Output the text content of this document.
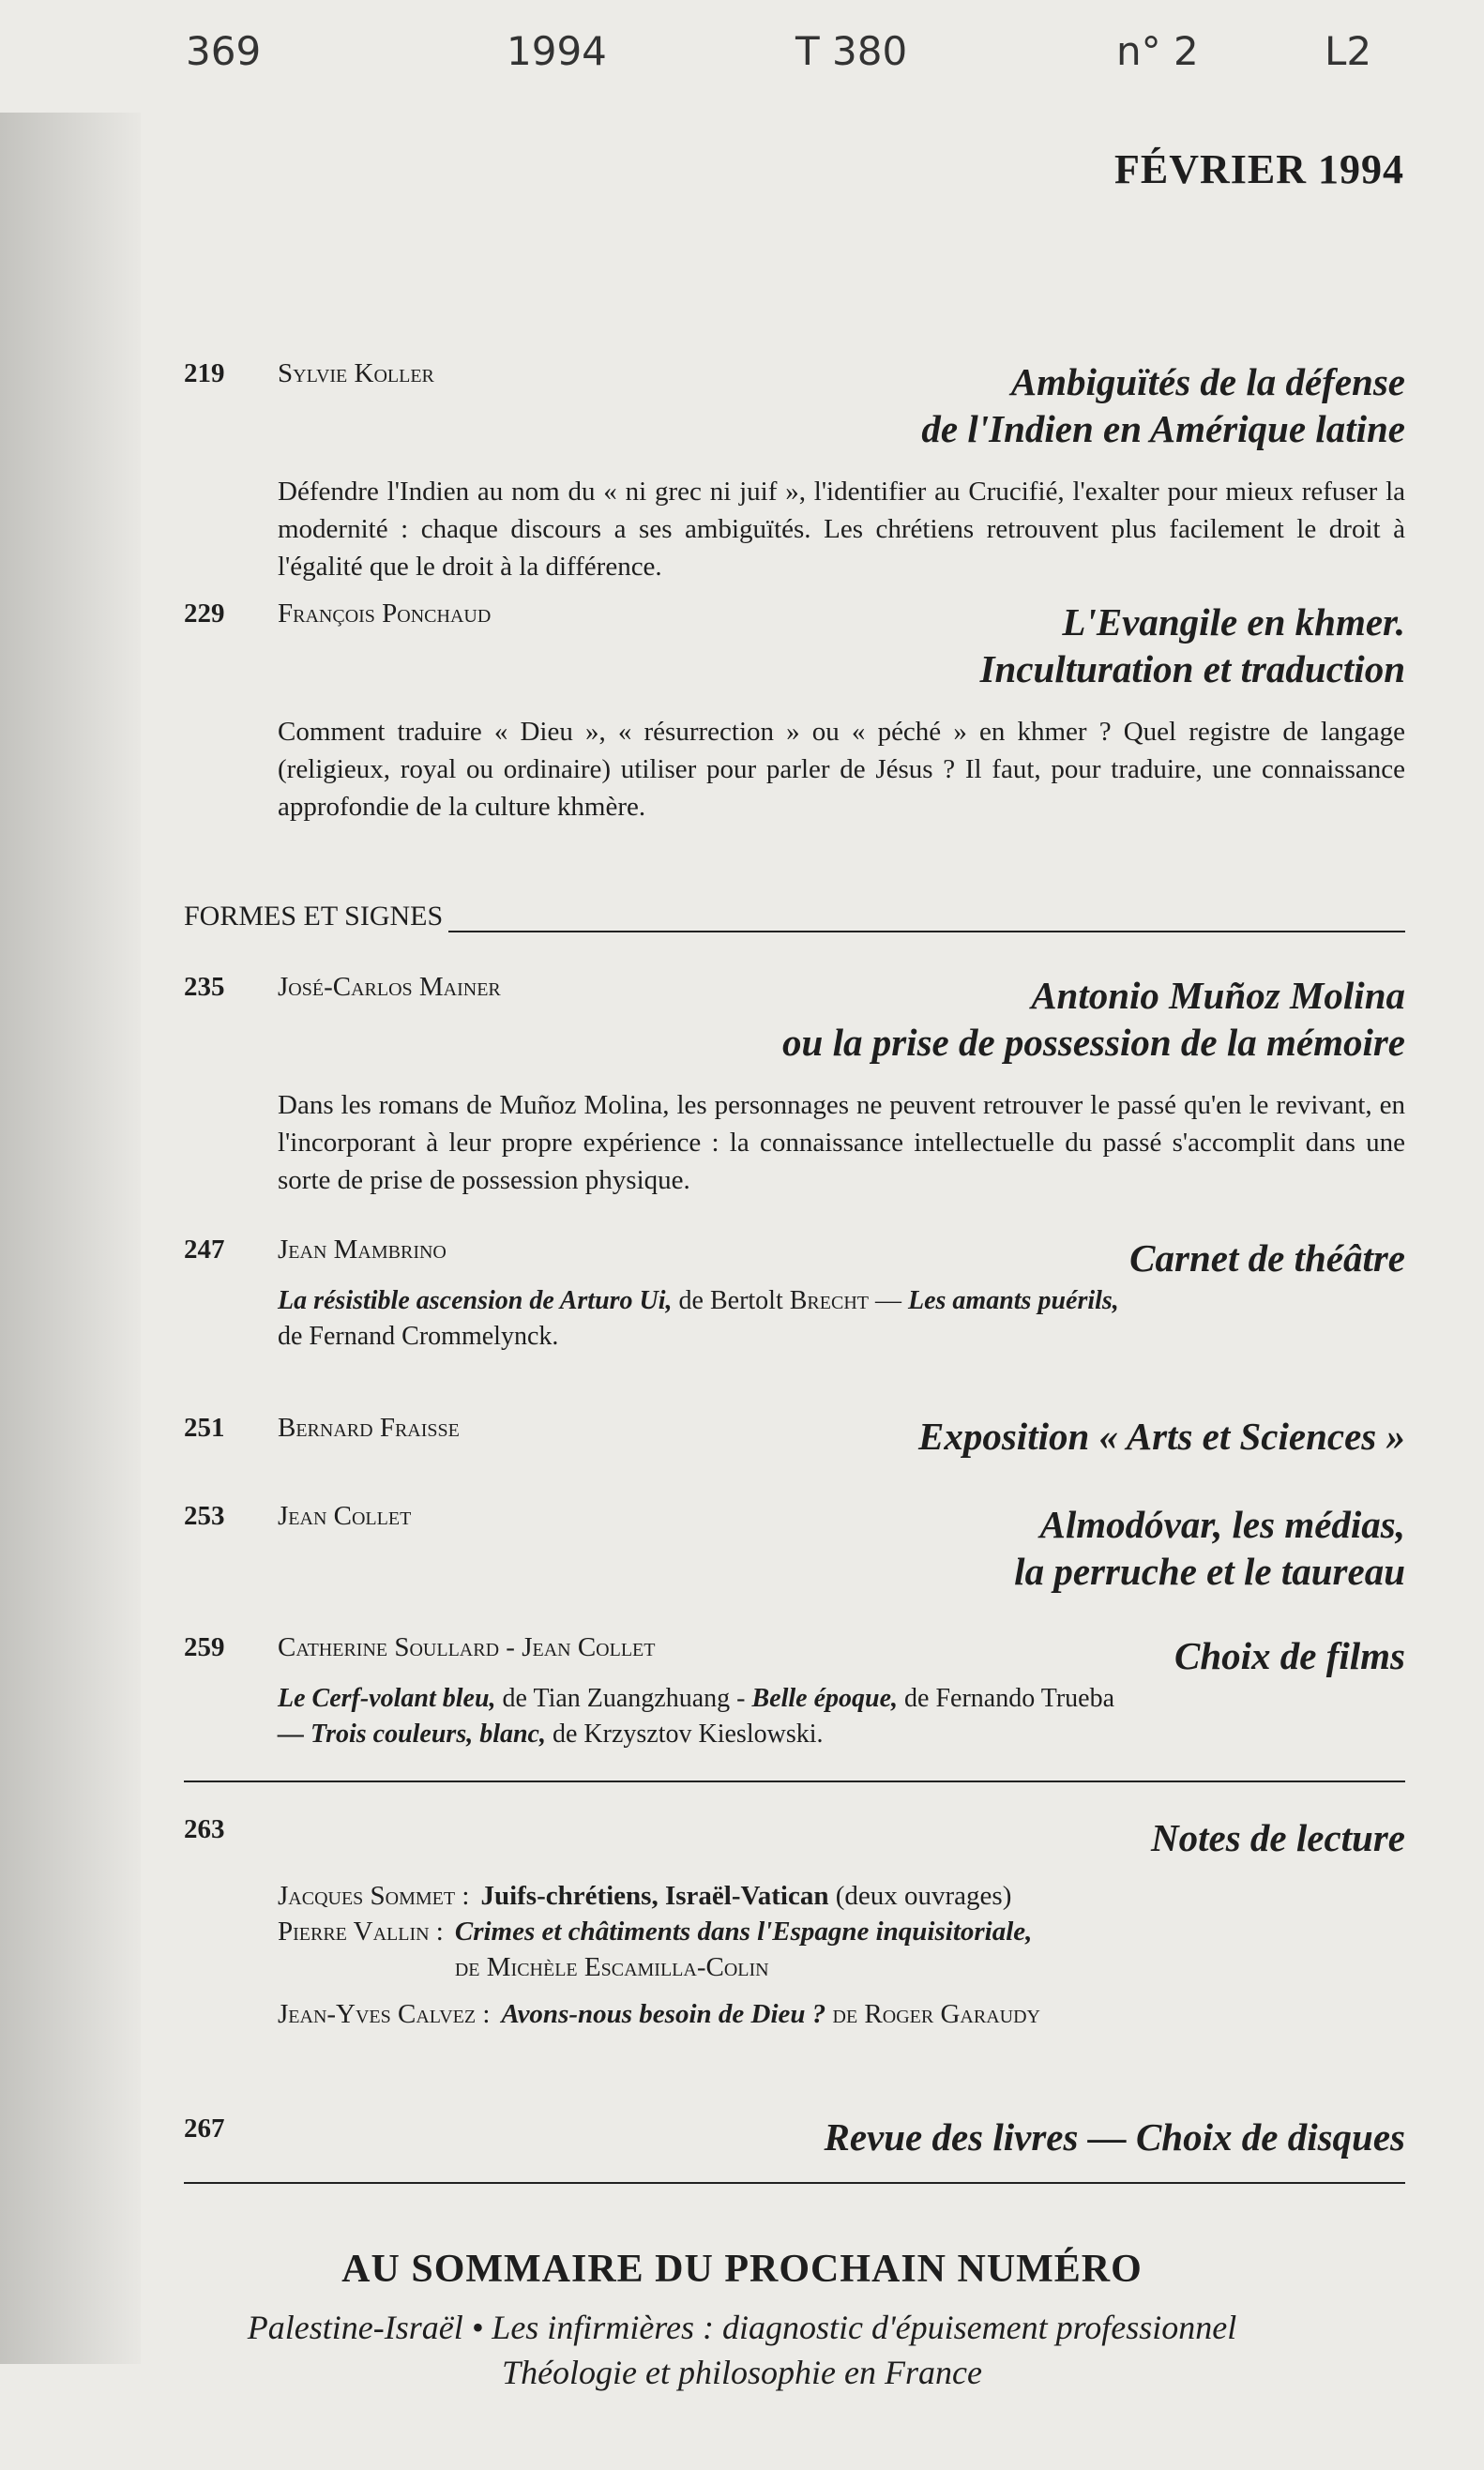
369	1994	T 380	n° 2	L2
FÉVRIER 1994
219 Sylvie Koller	Ambiguïtés de la défense
de l'Indien en Amérique latine
Défendre l'Indien au nom du « ni grec ni juif », l'identifier au Crucifié, l'exalter pour mieux refuser la modernité : chaque discours a ses ambiguïtés. Les chrétiens retrouvent plus facilement le droit à l'égalité que le droit à la différence.
229 François Ponchaud	L'Evangile en khmer.
Inculturation et traduction
Comment traduire « Dieu », « résurrection » ou « péché » en khmer ? Quel registre de langage (religieux, royal ou ordinaire) utiliser pour parler de Jésus ? Il faut, pour traduire, une connaissance approfondie de la culture khmère.
FORMES ET SIGNES
235 José-Carlos Mainer	Antonio Muñoz Molina
ou la prise de possession de la mémoire
Dans les romans de Muñoz Molina, les personnages ne peuvent retrouver le passé qu'en le revivant, en l'incorporant à leur propre expérience : la connaissance intellectuelle du passé s'accomplit dans une sorte de prise de possession physique.
247 Jean Mambrino	Carnet de théâtre
La résistible ascension de Arturo Ui, de Bertolt Brecht — Les amants puérils,
de Fernand Crommelynck.
251 Bernard Fraisse	Exposition « Arts et Sciences »
253 Jean Collet	Almodóvar, les médias,
la perruche et le taureau
259 Catherine Soullard - Jean Collet	Choix de films
Le Cerf-volant bleu, de Tian Zuangzhuang - Belle époque, de Fernando Trueba
— Trois couleurs, blanc, de Krzysztov Kieslowski.
263	Notes de lecture
Jacques Sommet : Juifs-chrétiens, Israël-Vatican (deux ouvrages)
Pierre Vallin : Crimes et châtiments dans l'Espagne inquisitoriale,
de Michèle Escamilla-Colin
Jean-Yves Calvez : Avons-nous besoin de Dieu ? de Roger Garaudy
267	Revue des livres — Choix de disques
AU SOMMAIRE DU PROCHAIN NUMÉRO
Palestine-Israël • Les infirmières : diagnostic d'épuisement professionnel
Théologie et philosophie en France
